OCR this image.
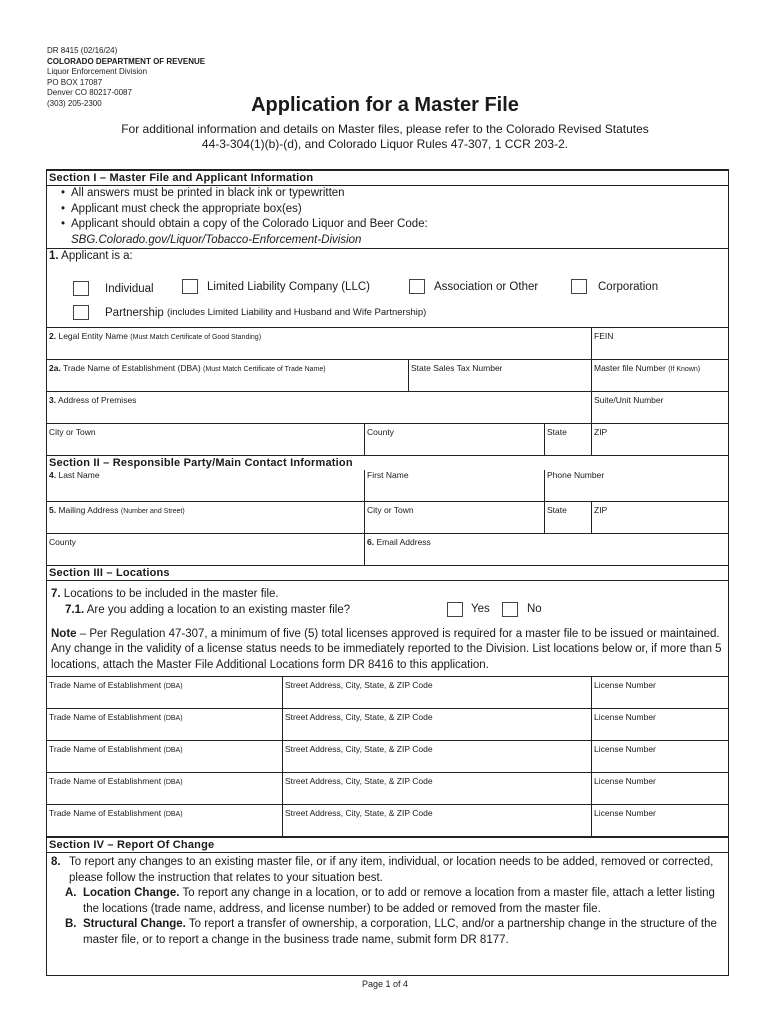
DR 8415 (02/16/24)
COLORADO DEPARTMENT OF REVENUE
Liquor Enforcement Division
PO BOX 17087
Denver CO 80217-0087
(303) 205-2300	Application for a Master File
For additional information and details on Master files, please refer to the Colorado Revised Statutes
44-3-304(1)(b)-(d), and Colorado Liquor Rules 47-307, 1 CCR 203-2.
Section I – Master File and Applicant Information
• All answers must be printed in black ink or typewritten
• Applicant must check the appropriate box(es)
• Applicant should obtain a copy of the Colorado Liquor and Beer Code:
SBG.Colorado.gov/Liquor/Tobacco-Enforcement-Division
1. Applicant is a:
Individual	Limited Liability Company (LLC)	Association or Other	Corporation
Partnership
(includes Limited Liability and Husband and Wife Partnership)
2. Legal Entity Name (Must Match Certificate of Good Standing)	FEIN
2a. Trade Name of Establishment (DBA) (Must Match Certificate of Trade Name)	State Sales Tax Number	Master file Number (If Known)
3. Address of Premises	Suite/Unit Number
City or Town	County	State	ZIP
Section II – Responsible Party/Main Contact Information
4. Last Name	First Name	Phone Number
5. Mailing Address (Number and Street)	City or Town	State	ZIP
County	6. Email Address
Section III – Locations
7. Locations to be included in the master file.
7.1. Are you adding a location to an existing master file?	Yes	No
Note – Per Regulation 47-307, a minimum of five (5) total licenses approved is required for a master file to be issued or maintained. Any change in the validity of a license status needs to be immediately reported to the Division. List locations below or, if more than 5 locations, attach the Master File Additional Locations form DR 8416 to this application.
Trade Name of Establishment (DBA)	Street Address, City, State, & ZIP Code	License Number
Trade Name of Establishment (DBA)	Street Address, City, State, & ZIP Code	License Number
Trade Name of Establishment (DBA)	Street Address, City, State, & ZIP Code	License Number
Trade Name of Establishment (DBA)	Street Address, City, State, & ZIP Code	License Number
Trade Name of Establishment (DBA)	Street Address, City, State, & ZIP Code	License Number
Section IV – Report Of Change
8. To report any changes to an existing master file, or if any item, individual, or location needs to be added, removed or corrected, please follow the instruction that relates to your situation best.
A. Location Change. To report any change in a location, or to add or remove a location from a master file, attach a letter listing the locations (trade name, address, and license number) to be added or removed from the master file.
B. Structural Change. To report a transfer of ownership, a corporation, LLC, and/or a partnership change in the structure of the master file, or to report a change in the business trade name, submit form DR 8177.
Page 1 of 4
